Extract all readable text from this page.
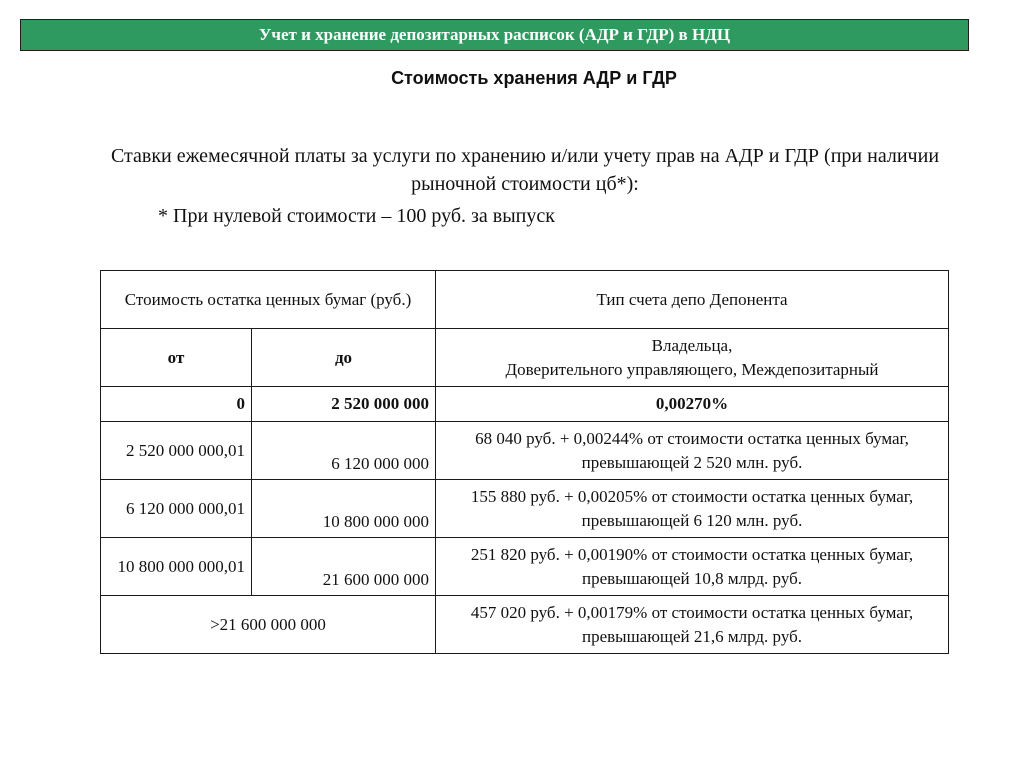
Учет и хранение депозитарных расписок (АДР и ГДР) в НДЦ
Стоимость хранения АДР и ГДР
Ставки ежемесячной платы за услуги по хранению и/или учету прав на АДР и ГДР (при наличии рыночной стоимости цб*):
* При нулевой стоимости – 100 руб. за выпуск
Стоимость остатка ценных бумаг (руб.)		Тип счета депо Депонента
от	до	Владельца,
Доверительного управляющего, Междепозитарный

0	2 520 000 000	0,00270%
2 520 000 000,01	6 120 000 000	68 040 руб. + 0,00244% от стоимости остатка ценных бумаг, превышающей 2 520 млн. руб.
6 120 000 000,01	10 800 000 000	155 880 руб. + 0,00205% от стоимости остатка ценных бумаг, превышающей 6 120 млн. руб.
10 800 000 000,01	21 600 000 000	251 820 руб. + 0,00190% от стоимости остатка ценных бумаг, превышающей 10,8 млрд. руб.
>21 600 000 000		457 020 руб. + 0,00179% от стоимости остатка ценных бумаг, превышающей 21,6 млрд. руб.
